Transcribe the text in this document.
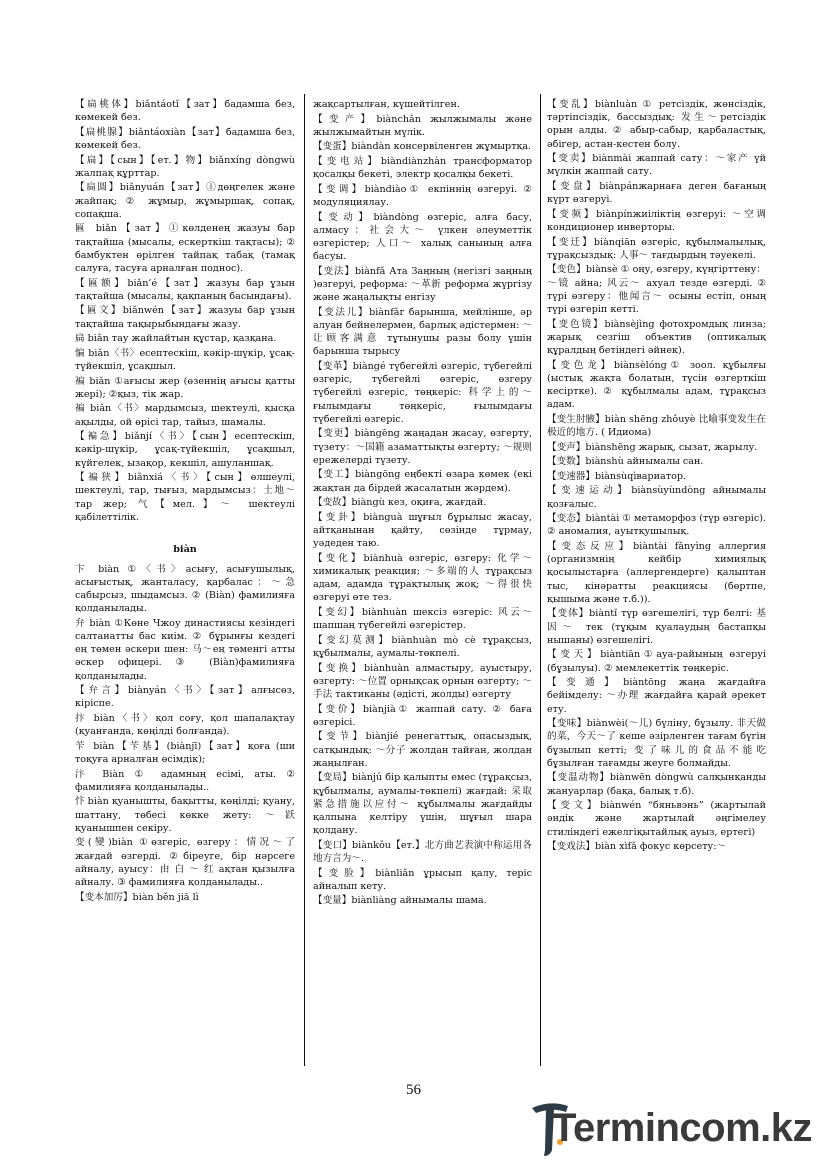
【扁桃体】biǎntáotǐ【зат】бадамша без, көмекей без.
【扁桃腺】biǎntáoxiàn【зат】бадамша без, көмекей без.
【扁】【сын】【ет.】物】biǎnxíng dòngwù жалпақ құрттар.
【扁圆】biǎnyuán【зат】①дөңгелек және жайпақ; ② жұмыр, жұмыршақ, сопақ, сопақша.
匾 biǎn【зат】①көлденең жазуы бар тақтайша (мысалы, ескерткіш тақтасы); ② бамбуктен өрілген тайпақ табақ (тамақ салуға, тасуға арналған поднос).
【匾额】biǎn’é【зат】жазуы бар ұзын тақтайша (мысалы, қақпаның басындағы).
【匾文】biǎnwén【зат】жазуы бар ұзын тақтайша тақырыбындағы жазу.
扁 biǎn тау жайлайтын құстар, қазқана.
惼 biǎn〈书〉есептескіш, кәкір-шүкір, ұсақ-түйекшіл, ұсақшыл.
褊 biǎn ①ағысы жер (өзеннің ағысы қатты жері); ②қыз, тік жар.
褊 biǎn〈书〉мардымсыз, шектеулі, қысқа ақылды, ой өрісі тар, тайыз, шамалы.
【褊急】biǎnjí〈书〉【сын】есептескіш, кәкір-шүкір, ұсақ-түйекшіл, ұсақшыл, күйгелек, ызақор, кекшіл, ашуланшақ.
【褊狭】biǎnxiá〈书〉【сын】өлшеулі, шектеулі, тар, тығыз, мардымсыз：土地～тар жер; 气【мел.】～ шектеулі қабілеттілік.
biàn
卞 biàn ①〈书〉асығу, асығушылық, асығыстық, жанталасу, қарбалас：～急 сабырсыз, шыдамсыз. ② (Biàn) фамилияға қолданылады.
弁 biàn ①Көне Чжоу династиясы кезіндегі салтанатты бас киім. ② бұрынғы кездегі ең төмен әскери шен: 马～ең төменгі атты әскер офицері. ③ (Biàn)фамилияға қолданылады.
【弁言】biànyán〈书〉【зат】алғысөз, кіріспе.
抃 biàn〈书〉қол соғу, қол шапалақтау (қуанғанда, көңілді болғанда).
苄 biàn【苄基】(biànjī)【зат】қоға (ши тоқуға арналған өсімдік);
汴 Biàn ① адамның есімі, аты. ② фамилияға қолданылады..
忭 biàn қуанышты, бақытты, көңілді; қуану, шаттану, төбесі көкке жету: ～跃 қуанышпен секіру.
变(變)biàn ①өзгеріс, өзгеру：情况～了 жағдай өзгерді. ②біреуге, бір нәрсеге айналу, ауысу：由 白 ～ 红 ақтан қызылға айналу. ③ фамилияға қолданылады..
【变本加厉】biàn běn jiā lì
жақсартылған, күшейтілген.
【变产】biànchǎn жылжымалы және жылжымайтын мүлік.
【变蛋】biàndàn консервіленген жұмыртқа.
【变电站】biàndiànzhàn трансформатор қосалқы бекеті, электр қосалқы бекеті.
【变调】biàndiào① екпіннің өзгеруі. ② модуляциялау.
【变动】biàndòng өзгеріс, алға басу, алмасу：社会大～ үлкен әлеуметтік өзгерістер; 人口～ халық санының алға басуы.
【变法】biànfǎ Ата Заңның (негізгі заңның )өзгеруі, реформа: ～革新 реформа жүргізу және жаңалықты енгізу
【变法儿】biànfǎr барынша, мейлінше, әр алуан бейнелермен, барлық әдістермен: ～让顾客满意 тұтынушы разы болу үшін барынша тырысу
【变革】biàngé түбегейлі өзгеріс, түбегейлі өзгеріс, түбегейлі өзгеріс, өзгеру түбегейлі өзгеріс, төңкеріс: 科学上的～ ғылымдағы төңкеріс, ғылымдағы түбегейлі өзгеріс.
【变更】biàngēng жаңадан жасау, өзгерту, түзету：～国籍 азаматтықты өзгерту; ～规则 ережелерді түзету.
【变工】biàngōng еңбекті өзара көмек (екі жақтан да бірдей жасалатын жәрдем).
【变故】biàngù кез, оқиға, жағдай.
【变卦】biànguà шұғыл бұрылыс жасау, айтқанынан қайту, сөзінде тұрмау, уәдеден таю.
【变化】biànhuà өзгеріс, өзгеру: 化学～ химикалық реакция; ～多端的人 тұрақсыз адам, адамда тұрақтылық жоқ; ～得很快 өзгеруі өте тез.
【变幻】biànhuàn шексіз өзгеріс: 风云～шапшаң түбегейлі өзгерістер.
【变幻莫测】biànhuàn mò cè тұрақсыз, құбылмалы, аумалы-төкпелі.
【变换】biànhuàn алмастыру, ауыстыру, өзгерту: ～位置 орнықсақ орнын өзгерту; ～手法 тактиканы (әдісті, жолды) өзгерту
【变价】biànjià① жаппай сату. ② баға өзгерісі.
【变节】biànjié ренегаттық, опасыздық, сатқындық: ～分子 жолдан тайған, жолдан жаңылған.
【变局】biànjú бір қалыпты емес (тұрақсыз, құбылмалы, аумалы-төкпелі) жағдай: 采取紧急措施以应付～ құбылмалы жағдайды қалпына келтіру үшін, шұғыл шара қолдану.
【变口】biànkǒu【ет.】北方曲艺表演中称运用各地方言为～.
【变脸】biànliǎn ұрысып қалу, теріс айналып кету.
【变量】biànliàng айнымалы шама.
【变乱】biànluàn ① ретсіздік, жөнсіздік, тәртіпсіздік, бассыздық: 发生～ретсіздік орын алды. ② абыр-сабыр, қарбаластық, әбігер, астан-кестен болу.
【变卖】biànmài жаппай сату：～家产 үй мүлкін жаппай сату.
【变盘】biànpánжарнаға деген бағаның күрт өзгеруі.
【变频】biànpínжиіліктің өзгеруі: ～空调 кондиционер инверторы.
【变迁】biànqiān өзгеріс, құбылмалылық, тұрақсыздық: 人事～ тағдырдың тәуекелі.
【变色】biànsè ① оңу, өзгеру, күңгірттену：～镜 айна; 风云～ ахуал тезде өзгерді. ② түрі өзгеру：他闻言～ осыны естіп, оның түрі өзгеріп кетті.
【变色镜】biànsèjìng фотохромдық линза; жарық сезгіш объектив (оптикалық құралдың бетіндегі әйнек).
【变色龙】biànsèlóng① зоол. құбылғы (ыстық жақта болатын, түсін өзгерткіш кесіртке). ② құбылмалы адам, тұрақсыз адам.
【变生肘腋】biàn shēng zhǒuyè 比喻事变发生在极近的地方. ( Идиома)
【变声】biànshēng жарық, сызат, жарылу.
【变数】biànshù айнымалы сан.
【变速器】biànsùqìвариатор.
【变速运动】biànsùyùndòng айнымалы қозғалыс.
【变态】biàntài ① метаморфоз (түр өзгеріс). ② аномалия, ауытқушылық.
【变态反应】biàntài fǎnyìng аллергия (организмнің кейбір химиялық қосылыстарға (аллергендерге) қалыптан тыс, кінәратты реакциясы (бөртпе, қышыма және т.б.)).
【变体】biàntǐ түр өзгешелігі, түр белгі: 基因～ тек (тұқым қуалаудың бастапқы нышаны) өзгешелігі.
【变天】biàntiān①ауа-райының өзгеруі (бұзылуы). ② мемлекеттік төңкеріс.
【变通】biàntōng жаңа жағдайға бейімделу: ～办理 жағдайға қарай әрекет ету.
【变味】biànwèi(～儿) бүліну, бұзылу. 非天做的菜，今天～了 кеше әзірленген тағам бүгін бұзылып кетті; 变了味儿的食品不能吃 бұзылған тағамды жеуге болмайды.
【变温动物】biànwēn dòngwù салқынқанды жануарлар (бақа, балық т.б).
【变文】biànwén “бяньвэнь” (жартылай әндік және жартылай әңгімелеу стиліндегі ежелгіқытайлық ауыз, ертегі)
【变戏法】biàn xìfǎ фокус көрсету:～
56
Termincom.kz
